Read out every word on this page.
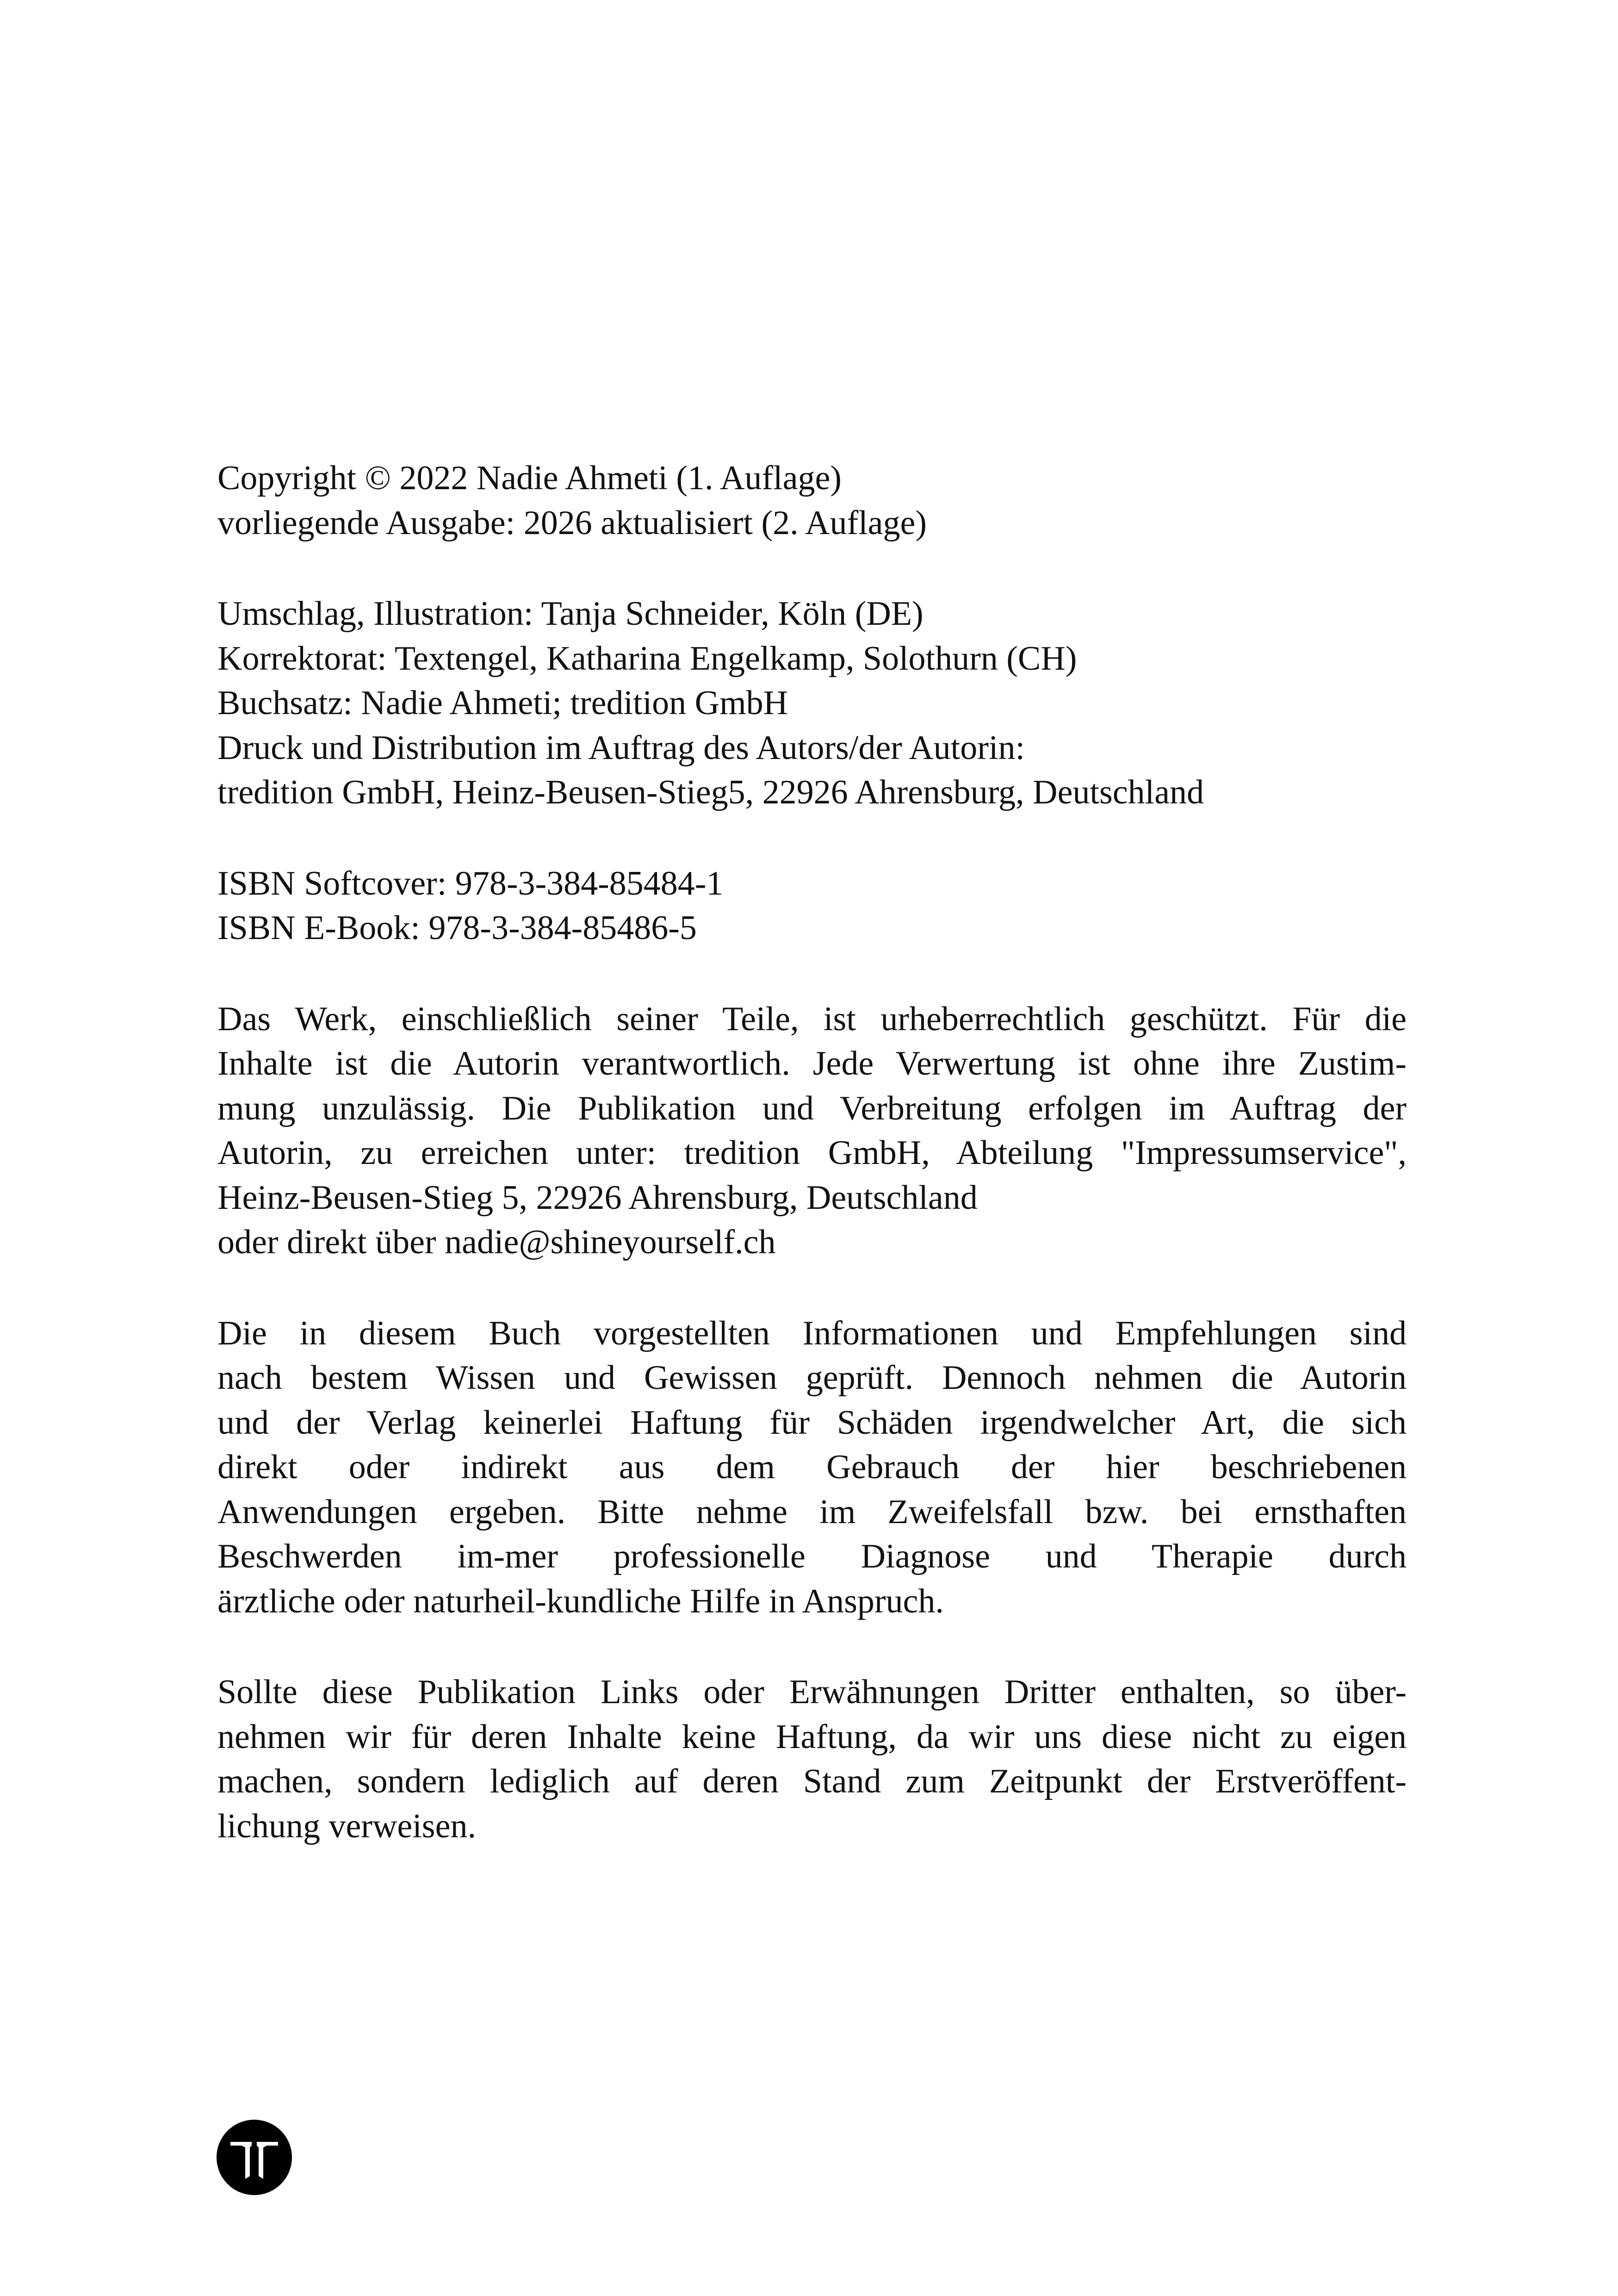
Copyright © 2022 Nadie Ahmeti (1. Auflage)
vorliegende Ausgabe: 2026 aktualisiert (2. Auflage)
Umschlag, Illustration: Tanja Schneider, Köln (DE)
Korrektorat: Textengel, Katharina Engelkamp, Solothurn (CH)
Buchsatz: Nadie Ahmeti; tredition GmbH
Druck und Distribution im Auftrag des Autors/der Autorin:
tredition GmbH, Heinz-Beusen-Stieg5, 22926 Ahrensburg, Deutschland
ISBN Softcover: 978-3-384-85484-1
ISBN E-Book: 978-3-384-85486-5
Das Werk, einschließlich seiner Teile, ist urheberrechtlich geschützt. Für die
Inhalte ist die Autorin verantwortlich. Jede Verwertung ist ohne ihre Zustim-
mung unzulässig. Die Publikation und Verbreitung erfolgen im Auftrag der
Autorin, zu erreichen unter: tredition GmbH, Abteilung "Impressumservice",
Heinz-Beusen-Stieg 5, 22926 Ahrensburg, Deutschland
oder direkt über nadie@shineyourself.ch
Die in diesem Buch vorgestellten Informationen und Empfehlungen sind
nach bestem Wissen und Gewissen geprüft. Dennoch nehmen die Autorin
und der Verlag keinerlei Haftung für Schäden irgendwelcher Art, die sich
direkt oder indirekt aus dem Gebrauch der hier beschriebenen
Anwendungen ergeben. Bitte nehme im Zweifelsfall bzw. bei ernsthaften
Beschwerden im-mer professionelle Diagnose und Therapie durch
ärztliche oder naturheil-kundliche Hilfe in Anspruch.
Sollte diese Publikation Links oder Erwähnungen Dritter enthalten, so über-
nehmen wir für deren Inhalte keine Haftung, da wir uns diese nicht zu eigen
machen, sondern lediglich auf deren Stand zum Zeitpunkt der Erstveröffent-
lichung verweisen.
